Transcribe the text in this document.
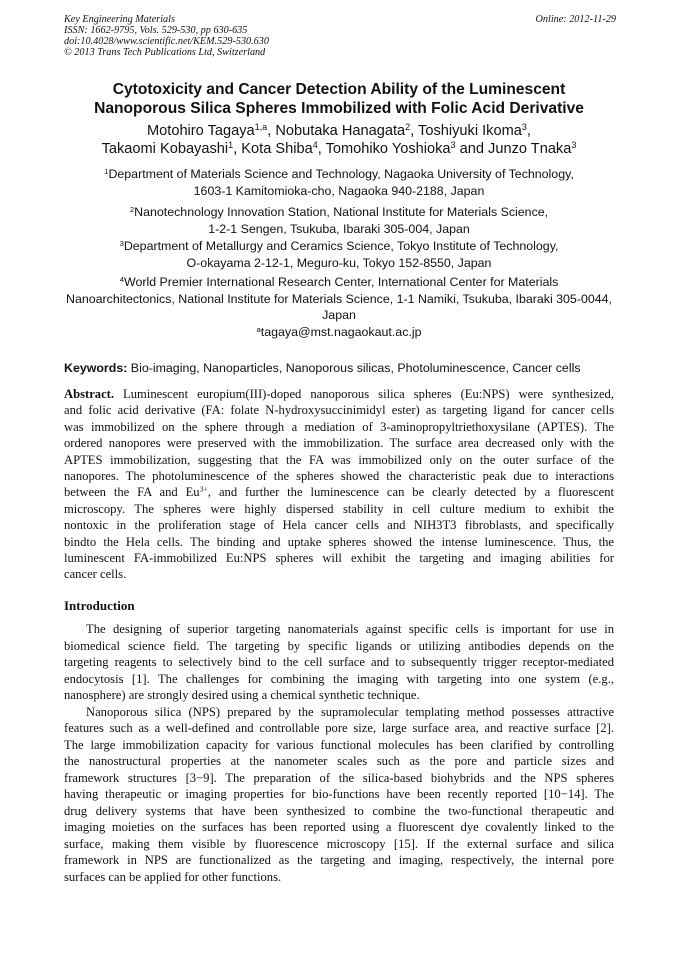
Key Engineering Materials
ISSN: 1662-9795, Vols. 529-530, pp 630-635
doi:10.4028/www.scientific.net/KEM.529-530.630
© 2013 Trans Tech Publications Ltd, Switzerland
Online: 2012-11-29
Cytotoxicity and Cancer Detection Ability of the Luminescent
Nanoporous Silica Spheres Immobilized with Folic Acid Derivative
Motohiro Tagaya$^{1,a}$, Nobutaka Hanagata$^2$, Toshiyuki Ikoma$^3$,
Takaomi Kobayashi$^1$, Kota Shiba$^4$, Tomohiko Yoshioka$^3$ and Junzo Tnaka$^3$
$^1$Department of Materials Science and Technology, Nagaoka University of Technology,
1603-1 Kamitomioka-cho, Nagaoka 940-2188, Japan
$^2$Nanotechnology Innovation Station, National Institute for Materials Science,
1-2-1 Sengen, Tsukuba, Ibaraki 305-004, Japan
$^3$Department of Metallurgy and Ceramics Science, Tokyo Institute of Technology,
O-okayama 2-12-1, Meguro-ku, Tokyo 152-8550, Japan
$^4$World Premier International Research Center, International Center for Materials
Nanoarchitectonics, National Institute for Materials Science, 1-1 Namiki, Tsukuba, Ibaraki 305-0044,
Japan
$^a$tagaya@mst.nagaokaut.ac.jp
Keywords: Bio-imaging, Nanoparticles, Nanoporous silicas, Photoluminescence, Cancer cells
Abstract. Luminescent europium(III)-doped nanoporous silica spheres (Eu:NPS) were synthesized,
and folic acid derivative (FA: folate N-hydroxysuccinimidyl ester) as targeting ligand for cancer cells
was immobilized on the sphere through a mediation of 3-aminopropyltriethoxysilane (APTES). The
ordered nanopores were preserved with the immobilization. The surface area decreased only with the
APTES immobilization, suggesting that the FA was immobilized only on the outer surface of the
nanopores. The photoluminescence of the spheres showed the characteristic peak due to interactions
between the FA and $Eu^{3+}$, and further the luminescence can be clearly detected by a fluorescent
microscopy. The spheres were highly dispersed stability in cell culture medium to exhibit the
nontoxic in the proliferation stage of Hela cancer cells and NIH3T3 fibroblasts, and specifically
bindto the Hela cells. The binding and uptake spheres showed the intense luminescence. Thus, the
luminescent FA-immobilized Eu:NPS spheres will exhibit the targeting and imaging abilities for
cancer cells.
Introduction
The designing of superior targeting nanomaterials against specific cells is important for use in
biomedical science field. The targeting by specific ligands or utilizing antibodies depends on the
targeting reagents to selectively bind to the cell surface and to subsequently trigger receptor-mediated
endocytosis [1]. The challenges for combining the imaging with targeting into one system (e.g.,
nanosphere) are strongly desired using a chemical synthetic technique.
Nanoporous silica (NPS) prepared by the supramolecular templating method possesses attractive
features such as a well-defined and controllable pore size, large surface area, and reactive surface [2].
The large immobilization capacity for various functional molecules has been clarified by controlling
the nanostructural properties at the nanometer scales such as the pore and particle sizes and
framework structures [3−9]. The preparation of the silica-based biohybrids and the NPS spheres
having therapeutic or imaging properties for bio-functions have been recently reported [10−14]. The
drug delivery systems that have been synthesized to combine the two-functional therapeutic and
imaging moieties on the surfaces has been reported using a fluorescent dye covalently linked to the
surface, making them visible by fluorescence microscopy [15]. If the external surface and silica
framework in NPS are functionalized as the targeting and imaging, respectively, the internal pore
surfaces can be applied for other functions.
